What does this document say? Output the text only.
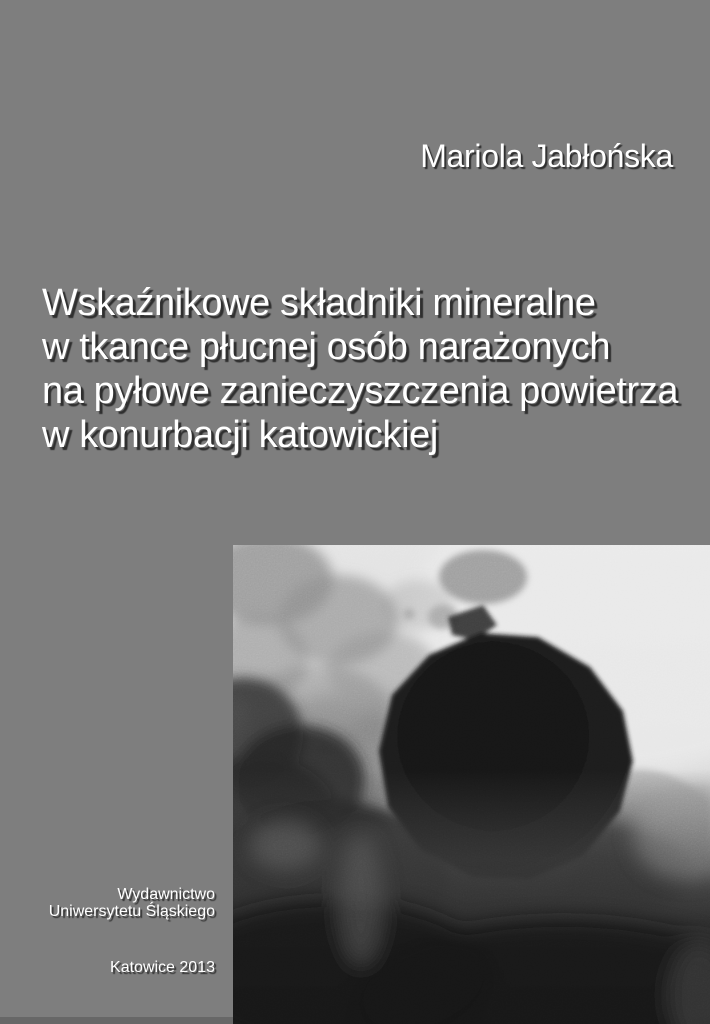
Mariola Jabłońska
Wskaźnikowe składniki mineralne
w tkance płucnej osób narażonych
na pyłowe zanieczyszczenia powietrza
w konurbacji katowickiej
Wydawnictwo
Uniwersytetu Śląskiego
Katowice 2013
